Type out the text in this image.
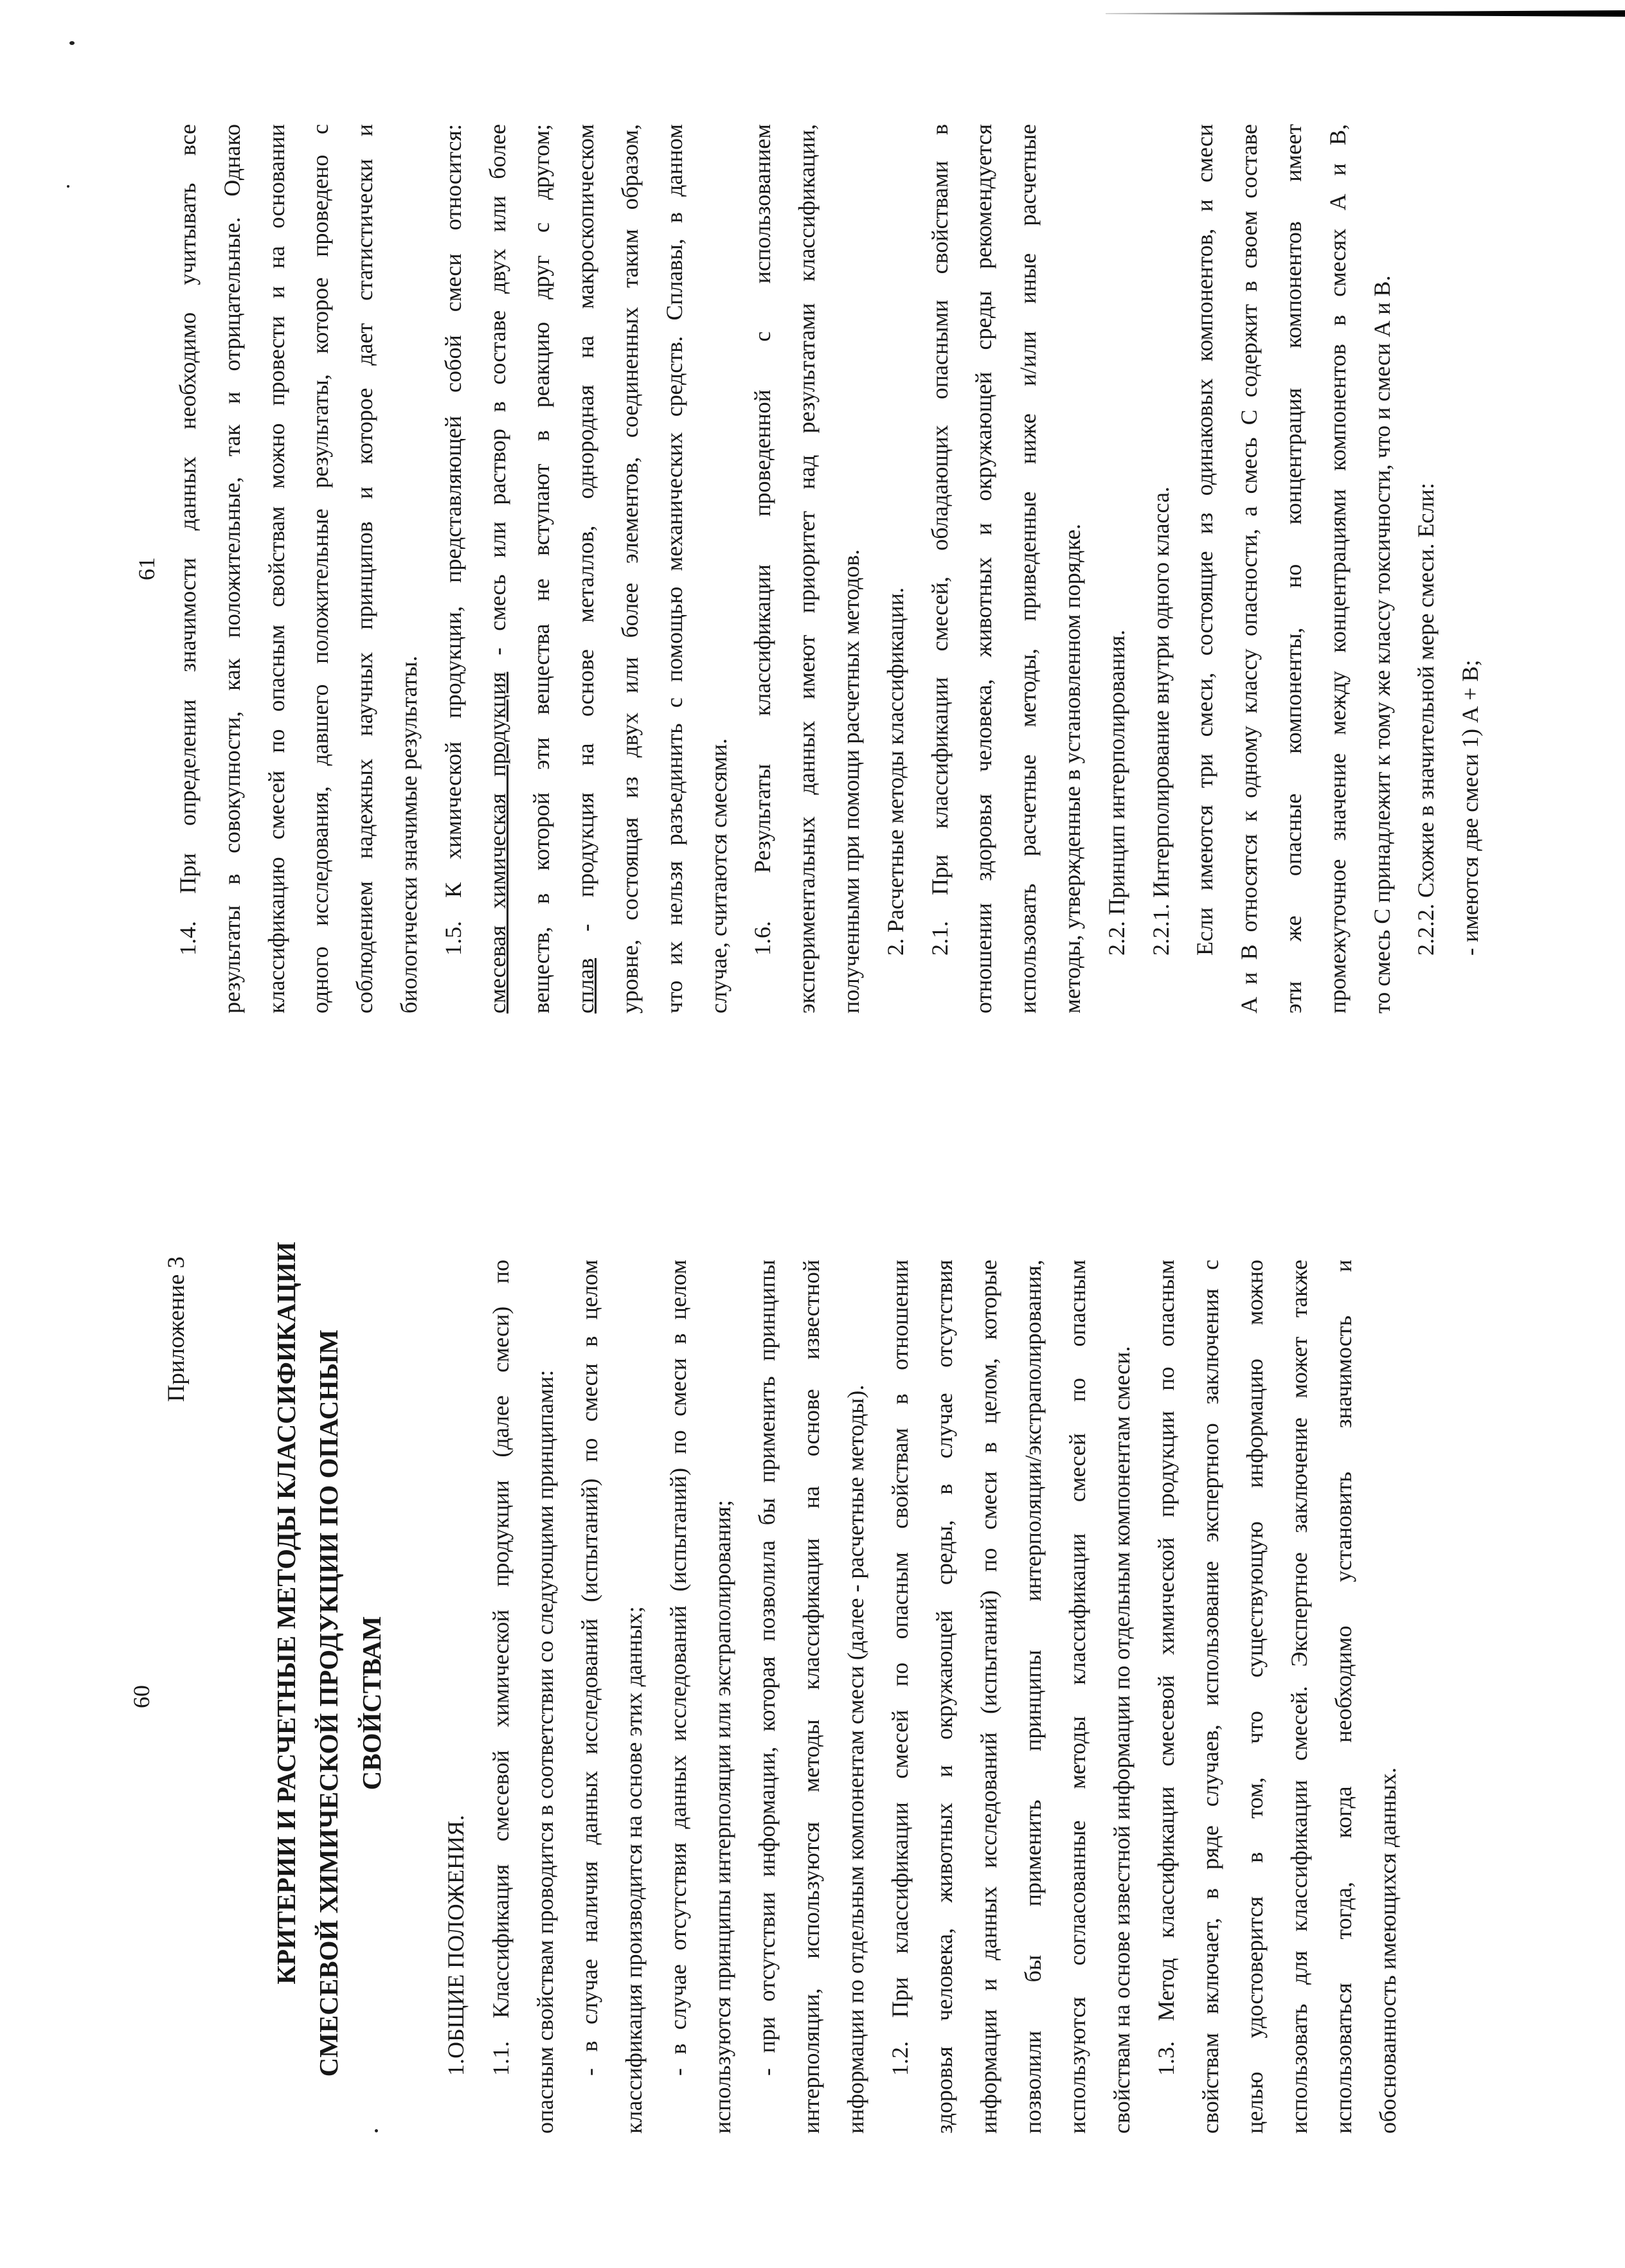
60
Приложение 3	КРИТЕРИИ И РАСЧЕТНЫЕ МЕТОДЫ КЛАССИФИКАЦИИ СМЕСЕВОЙ ХИМИЧЕСКОЙ ПРОДУКЦИИ ПО ОПАСНЫМ СВОЙСТВАМ
1.ОБЩИЕ ПОЛОЖЕНИЯ. 1.1. Классификация смесевой химической продукции (далее смеси) по опасным свойствам проводится в соответствии со следующими принципами: - в случае наличия данных исследований (испытаний) по смеси в целом классификация производится на основе этих данных; - в случае отсутствия данных исследований (испытаний) по смеси в целом используются принципы интерполяции или экстраполирования; - при отсутствии информации, которая позволила бы применить принципы интерполяции, используются методы классификации на основе известной информации по отдельным компонентам смеси (далее - расчетные методы). 1.2. При классификации смесей по опасным свойствам в отношении здоровья человека, животных и окружающей среды, в случае отсутствия информации и данных исследований (испытаний) по смеси в целом, которые позволили бы применить принципы интерполяции/экстраполирования, используются согласованные методы классификации смесей по опасным свойствам на основе известной информации по отдельным компонентам смеси. 1.3. Метод классификации смесевой химической продукции по опасным свойствам включает, в ряде случаев, использование экспертного заключения с целью удостоверится в том, что существующую информацию можно использовать для классификации смесей. Экспертное заключение может также использоваться тогда, когда необходимо установить значимость и обоснованность имеющихся данных.
61 1.4. При определении значимости данных необходимо учитывать все результаты в совокупности, как положительные, так и отрицательные. Однако классификацию смесей по опасным свойствам можно провести и на основании одного исследования, давшего положительные результаты, которое проведено с соблюдением надежных научных принципов и которое дает статистически и биологически значимые результаты. 1.5. К химической продукции, представляющей собой смеси относится: смесевая химическая продукция - смесь или раствор в составе двух или более веществ, в которой эти вещества не вступают в реакцию друг с другом; сплав - продукция на основе металлов, однородная на макроскопическом уровне, состоящая из двух или более элементов, соединенных таким образом, что их нельзя разъединить с помощью механических средств. Сплавы, в данном случае, считаются смесями. 1.6. Результаты классификации проведенной с использованием экспериментальных данных имеют приоритет над результатами классификации, полученными при помощи расчетных методов. 2. Расчетные методы классификации. 2.1. При классификации смесей, обладающих опасными свойствами в отношении здоровья человека, животных и окружающей среды рекомендуется использовать расчетные методы, приведенные ниже и/или иные расчетные методы, утвержденные в установленном порядке. 2.2. Принцип интерполирования. 2.2.1. Интерполирование внутри одного класса. Если имеются три смеси, состоящие из одинаковых компонентов, и смеси А и В относятся к одному классу опасности, а смесь С содержит в своем составе эти же опасные компоненты, но концентрация компонентов имеет промежуточное значение между концентрациями компонентов в смесях А и В, то смесь С принадлежит к тому же классу токсичности, что и смеси А и В. 2.2.2. Схожие в значительной мере смеси. Если: - имеются две смеси 1) А + В;
